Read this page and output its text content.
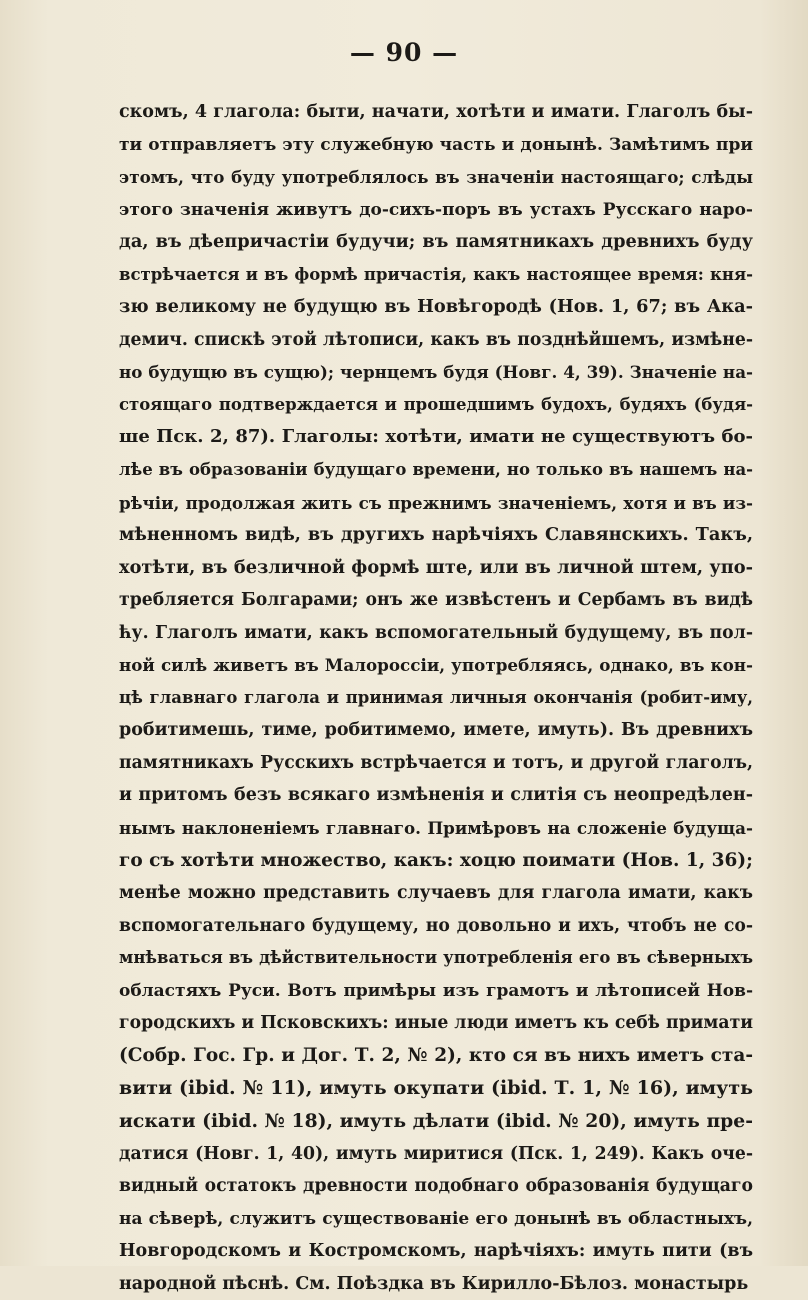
— 90 —
скомъ, 4 глагола: быти, начати, хотѣти и имати. Глаголъ бы-
ти отправляетъ эту служебную часть и донынѣ. Замѣтимъ при
этомъ, что буду употреблялось въ значеніи настоящаго; слѣды
этого значенія живутъ до-сихъ-поръ въ устахъ Русскаго наро-
да, въ дѣепричастіи будучи; въ памятникахъ древнихъ буду
встрѣчается и въ формѣ причастія, какъ настоящее время: кня-
зю великому не будущю въ Новѣгородѣ (Нов. 1, 67; въ Ака-
демич. спискѣ этой лѣтописи, какъ въ позднѣйшемъ, измѣне-
но будущю въ сущю); чернцемъ будя (Новг. 4, 39). Значеніе на-
стоящаго подтверждается и прошедшимъ будохъ, будяхъ (будя-
ше Пск. 2, 87). Глаголы: хотѣти, имати не существуютъ бо-
лѣе въ образованіи будущаго времени, но только въ нашемъ на-
рѣчіи, продолжая жить съ прежнимъ значеніемъ, хотя и въ из-
мѣненномъ видѣ, въ другихъ нарѣчіяхъ Славянскихъ. Такъ,
хотѣти, въ безличной формѣ ште, или въ личной штем, упо-
требляется Болгарами; онъ же извѣстенъ и Сербамъ въ видѣ
ћу. Глаголъ имати, какъ вспомогательный будущему, въ пол-
ной силѣ живетъ въ Малороссіи, употребляясь, однако, въ кон-
цѣ главнаго глагола и принимая личныя окончанія (робит-иму,
робитимешь, тиме, робитимемо, имете, имуть). Въ древнихъ
памятникахъ Русскихъ встрѣчается и тотъ, и другой глаголъ,
и притомъ безъ всякаго измѣненія и слитія съ неопредѣлен-
нымъ наклоненіемъ главнаго. Примѣровъ на сложеніе будуща-
го съ хотѣти множество, какъ: хоцю поимати (Нов. 1, 36);
менѣе можно представить случаевъ для глагола имати, какъ
вспомогательнаго будущему, но довольно и ихъ, чтобъ не со-
мнѣваться въ дѣйствительности употребленія его въ сѣверныхъ
областяхъ Руси. Вотъ примѣры изъ грамотъ и лѣтописей Нов-
городскихъ и Псковскихъ: иные люди иметъ къ себѣ примати
(Собр. Гос. Гр. и Дог. Т. 2, № 2), кто ся въ нихъ иметъ ста-
вити (ibid. № 11), имуть окупати (ibid. Т. 1, № 16), имуть
искати (ibid. № 18), имуть дѣлати (ibid. № 20), имуть пре-
датися (Новг. 1, 40), имуть миритися (Пск. 1, 249). Какъ оче-
видный остатокъ древности подобнаго образованія будущаго
на сѣверѣ, служитъ существованіе его донынѣ въ областныхъ,
Новгородскомъ и Костромскомъ, нарѣчіяхъ: имуть пити (въ
народной пѣснѣ. См. Поѣздка въ Кирилло-Бѣлоз. монастырь
